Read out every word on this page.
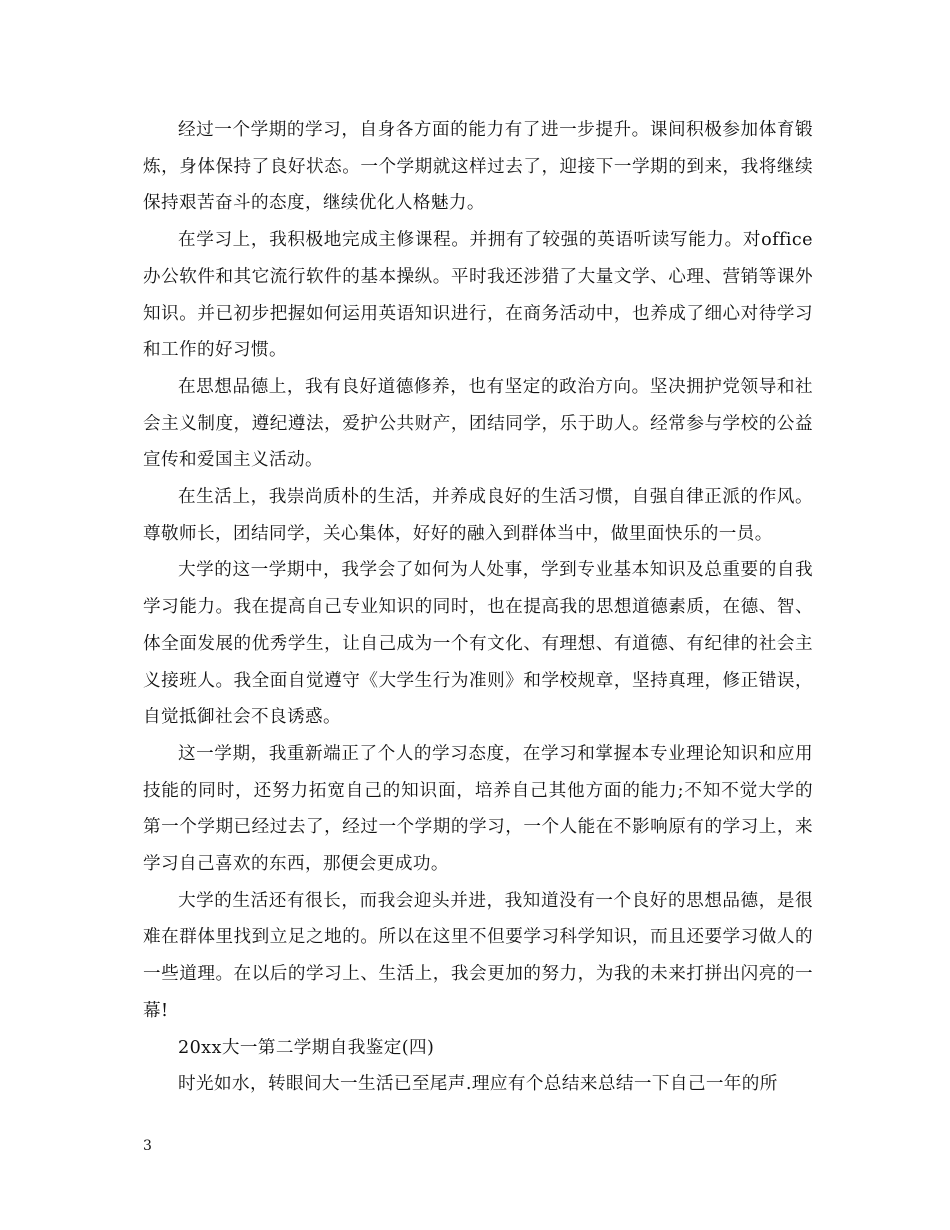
经过一个学期的学习，自身各方面的能力有了进一步提升。课间积极参加体育锻炼，身体保持了良好状态。一个学期就这样过去了，迎接下一学期的到来，我将继续保持艰苦奋斗的态度，继续优化人格魅力。

在学习上，我积极地完成主修课程。并拥有了较强的英语听读写能力。对office办公软件和其它流行软件的基本操纵。平时我还涉猎了大量文学、心理、营销等课外知识。并已初步把握如何运用英语知识进行，在商务活动中，也养成了细心对待学习和工作的好习惯。

在思想品德上，我有良好道德修养，也有坚定的政治方向。坚决拥护党领导和社会主义制度，遵纪遵法，爱护公共财产，团结同学，乐于助人。经常参与学校的公益宣传和爱国主义活动。

在生活上，我崇尚质朴的生活，并养成良好的生活习惯，自强自律正派的作风。尊敬师长，团结同学，关心集体，好好的融入到群体当中，做里面快乐的一员。

大学的这一学期中，我学会了如何为人处事，学到专业基本知识及总重要的自我学习能力。我在提高自己专业知识的同时，也在提高我的思想道德素质，在德、智、体全面发展的优秀学生，让自己成为一个有文化、有理想、有道德、有纪律的社会主义接班人。我全面自觉遵守《大学生行为准则》和学校规章，坚持真理，修正错误，自觉抵御社会不良诱惑。

这一学期，我重新端正了个人的学习态度，在学习和掌握本专业理论知识和应用技能的同时，还努力拓宽自己的知识面，培养自己其他方面的能力;不知不觉大学的第一个学期已经过去了，经过一个学期的学习，一个人能在不影响原有的学习上，来学习自己喜欢的东西，那便会更成功。

大学的生活还有很长，而我会迎头并进，我知道没有一个良好的思想品德，是很难在群体里找到立足之地的。所以在这里不但要学习科学知识，而且还要学习做人的一些道理。在以后的学习上、生活上，我会更加的努力，为我的未来打拼出闪亮的一幕!

20xx大一第二学期自我鉴定(四)

时光如水，转眼间大一生活已至尾声.理应有个总结来总结一下自己一年的所

3
